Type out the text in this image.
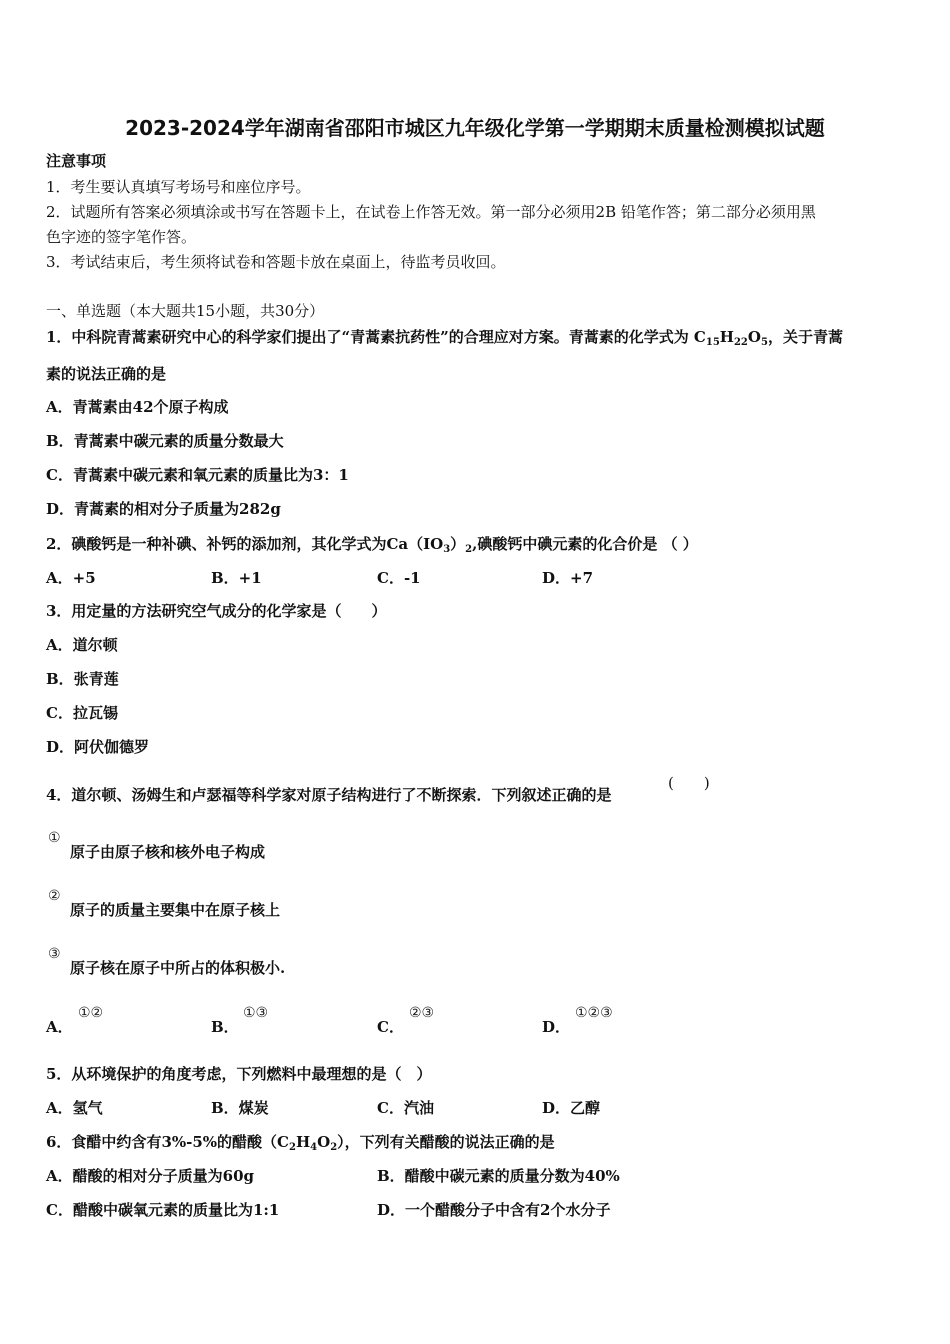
2023-2024学年湖南省邵阳市城区九年级化学第一学期期末质量检测模拟试题
注意事项
1．考生要认真填写考场号和座位序号。
2．试题所有答案必须填涂或书写在答题卡上，在试卷上作答无效。第一部分必须用2B 铅笔作答；第二部分必须用黑
色字迹的签字笔作答。
3．考试结束后，考生须将试卷和答题卡放在桌面上，待监考员收回。
一、单选题（本大题共15小题，共30分）
1．中科院青蒿素研究中心的科学家们提出了“青蒿素抗药性”的合理应对方案。青蒿素的化学式为 $C_{15}H_{22}O_5$，关于青蒿
素的说法正确的是
A．青蒿素由42个原子构成
B．青蒿素中碳元素的质量分数最大
C．青蒿素中碳元素和氧元素的质量比为3：1
D．青蒿素的相对分子质量为282g
2．碘酸钙是一种补碘、补钙的添加剂，其化学式为$Ca(IO_3)_2$,碘酸钙中碘元素的化合价是 （ ）
A．+5	B．+1	C．-1	D．+7
3．用定量的方法研究空气成分的化学家是（　　）
A．道尔顿
B．张青莲
C．拉瓦锡
D．阿伏伽德罗
4．道尔顿、汤姆生和卢瑟福等科学家对原子结构进行了不断探索．下列叙述正确的是
(　　)
①
原子由原子核和核外电子构成
②
原子的质量主要集中在原子核上
③
原子核在原子中所占的体积极小.
A．
①②
B．
①③
C．
②③
D．
①②③
5．从环境保护的角度考虑，下列燃料中最理想的是（　）
A．氢气	B．煤炭	C．汽油	D．乙醇
6．食醋中约含有3%-5%的醋酸$(C_2H_4O_2)$，下列有关醋酸的说法正确的是
A．醋酸的相对分子质量为60g	B．醋酸中碳元素的质量分数为40%
C．醋酸中碳氧元素的质量比为1:1	D．一个醋酸分子中含有2个水分子
